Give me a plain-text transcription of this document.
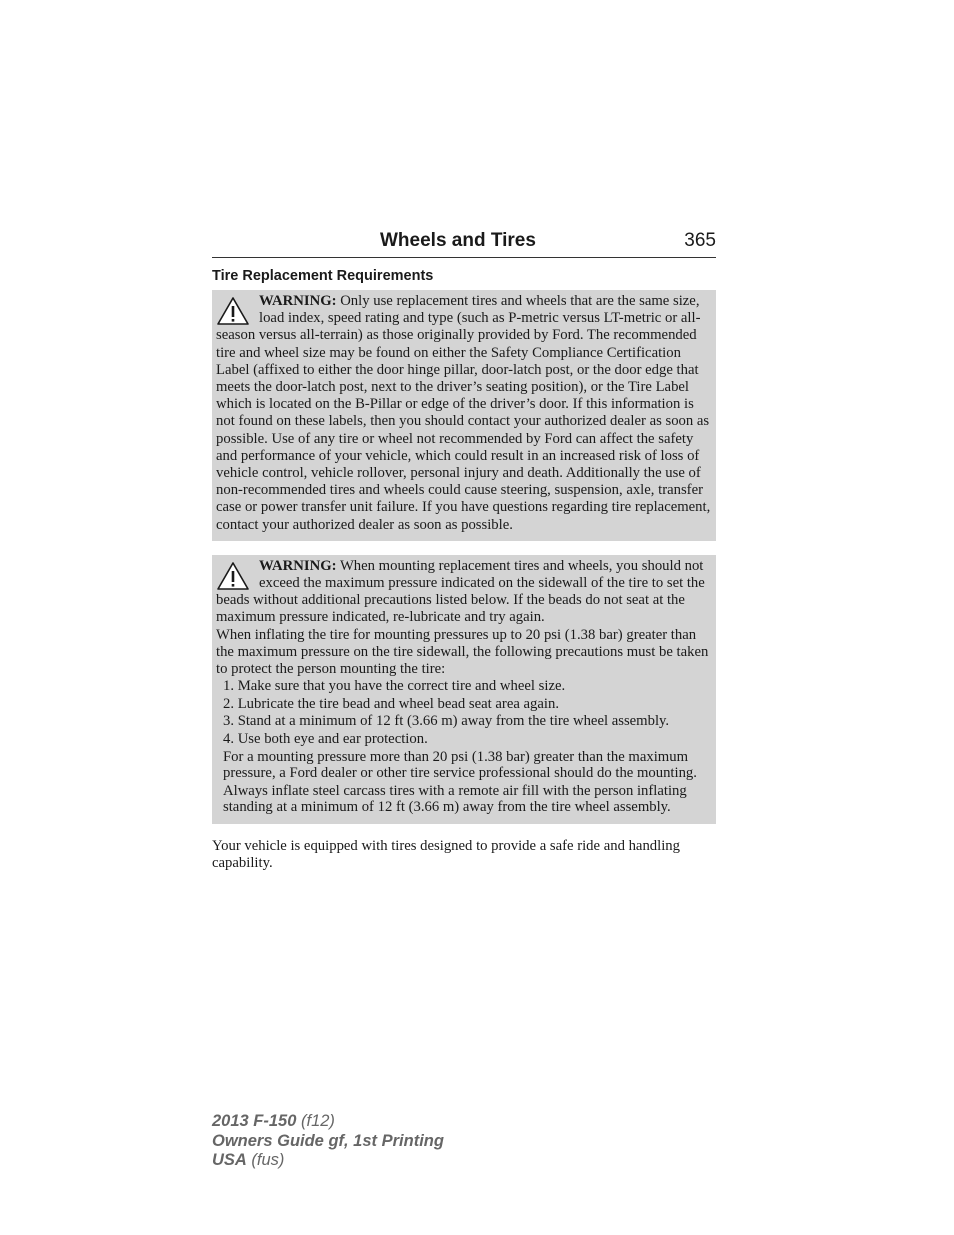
Wheels and Tires	365
Tire Replacement Requirements

WARNING: Only use replacement tires and wheels that are the same size, load index, speed rating and type (such as P-metric versus LT-metric or all-season versus all-terrain) as those originally provided by Ford. The recommended tire and wheel size may be found on either the Safety Compliance Certification Label (affixed to either the door hinge pillar, door-latch post, or the door edge that meets the door-latch post, next to the driver’s seating position), or the Tire Label which is located on the B-Pillar or edge of the driver’s door. If this information is not found on these labels, then you should contact your authorized dealer as soon as possible. Use of any tire or wheel not recommended by Ford can affect the safety and performance of your vehicle, which could result in an increased risk of loss of vehicle control, vehicle rollover, personal injury and death. Additionally the use of non-recommended tires and wheels could cause steering, suspension, axle, transfer case or power transfer unit failure. If you have questions regarding tire replacement, contact your authorized dealer as soon as possible.

WARNING: When mounting replacement tires and wheels, you should not exceed the maximum pressure indicated on the sidewall of the tire to set the beads without additional precautions listed below. If the beads do not seat at the maximum pressure indicated, re-lubricate and try again.

When inflating the tire for mounting pressures up to 20 psi (1.38 bar) greater than the maximum pressure on the tire sidewall, the following precautions must be taken to protect the person mounting the tire:

1. Make sure that you have the correct tire and wheel size.

2. Lubricate the tire bead and wheel bead seat area again.

3. Stand at a minimum of 12 ft (3.66 m) away from the tire wheel assembly.

4. Use both eye and ear protection.

For a mounting pressure more than 20 psi (1.38 bar) greater than the maximum pressure, a Ford dealer or other tire service professional should do the mounting.

Always inflate steel carcass tires with a remote air fill with the person inflating standing at a minimum of 12 ft (3.66 m) away from the tire wheel assembly.

Your vehicle is equipped with tires designed to provide a safe ride and handling capability.

2013 F-150 (f12)
Owners Guide gf, 1st Printing
USA (fus)
